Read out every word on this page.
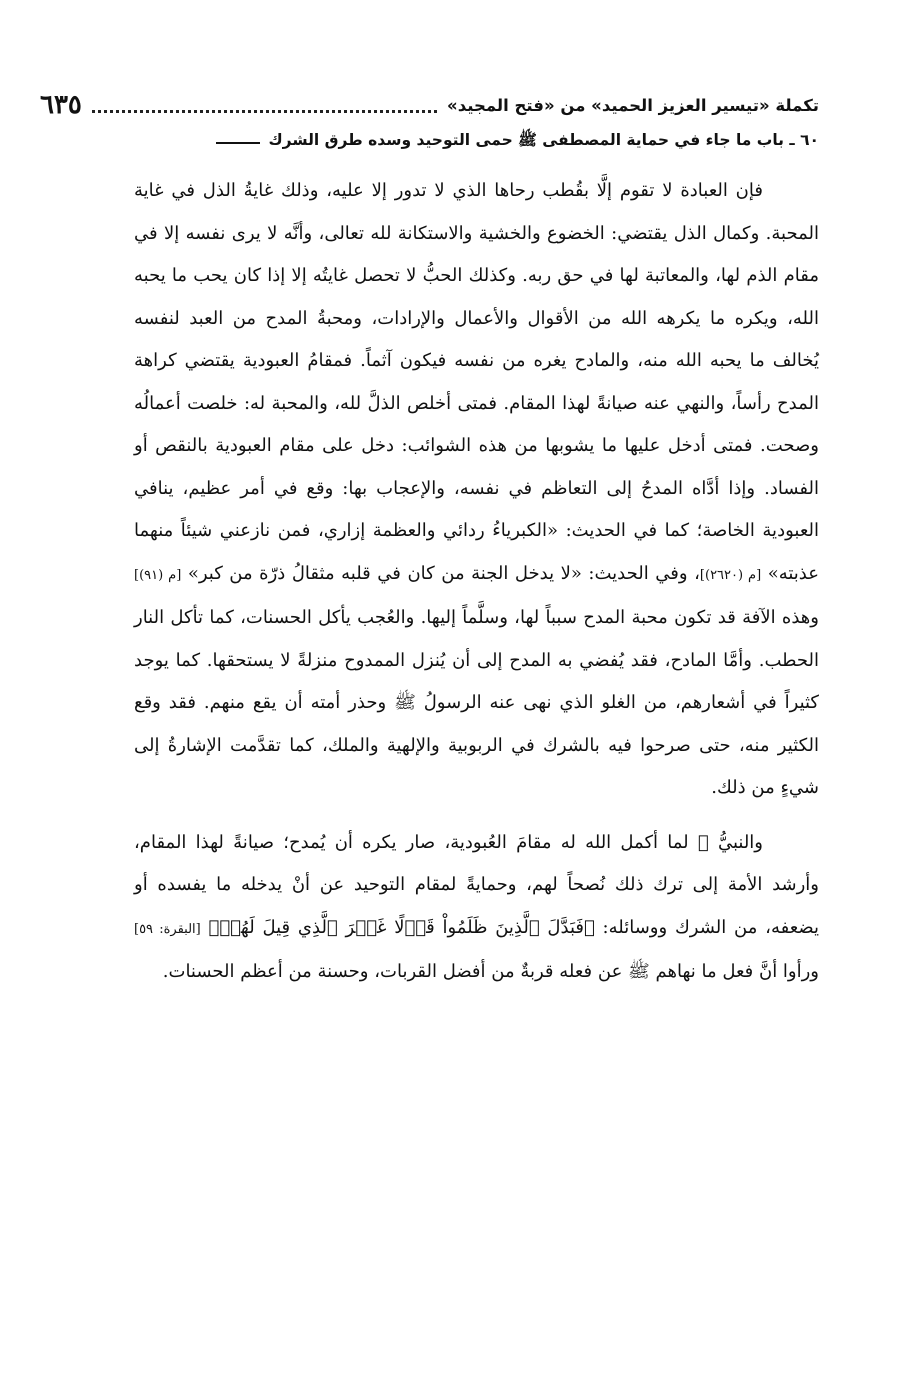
تكملة «تيسير العزيز الحميد» من «فتح المجيد»
٦٣٥
٦٠ ـ باب ما جاء في حماية المصطفى ﷺ حمى التوحيد وسده طرق الشرك

فإن العبادة لا تقوم إلَّا بقُطب رحاها الذي لا تدور إلا عليه، وذلك غايةُ الذل في غاية المحبة. وكمال الذل يقتضي: الخضوع والخشية والاستكانة لله تعالى، وأنَّه لا يرى نفسه إلا في مقام الذم لها، والمعاتبة لها في حق ربه. وكذلك الحبُّ لا تحصل غايتُه إلا إذا كان يحب ما يحبه الله، ويكره ما يكرهه الله من الأقوال والأعمال والإرادات، ومحبةُ المدح من العبد لنفسه يُخالف ما يحبه الله منه، والمادح يغره من نفسه فيكون آثماً. فمقامُ العبودية يقتضي كراهة المدح رأساً، والنهي عنه صيانةً لهذا المقام. فمتى أخلص الذلَّ لله، والمحبة له: خلصت أعمالُه وصحت. فمتى أدخل عليها ما يشوبها من هذه الشوائب: دخل على مقام العبودية بالنقص أو الفساد. وإذا أدَّاه المدحُ إلى التعاظم في نفسه، والإعجاب بها: وقع في أمر عظيم، ينافي العبودية الخاصة؛ كما في الحديث: «الكبرياءُ ردائي والعظمة إزاري، فمن نازعني شيئاً منهما عذبته» [م (٢٦٢٠)]، وفي الحديث: «لا يدخل الجنة من كان في قلبه مثقالُ ذرّة من كبر» [م (٩١)] وهذه الآفة قد تكون محبة المدح سبباً لها، وسلَّماً إليها. والعُجب يأكل الحسنات، كما تأكل النار الحطب. وأمَّا المادح، فقد يُفضي به المدح إلى أن يُنزل الممدوح منزلةً لا يستحقها. كما يوجد كثيراً في أشعارهم، من الغلو الذي نهى عنه الرسولُ ﷺ وحذر أمته أن يقع منهم. فقد وقع الكثير منه، حتى صرحوا فيه بالشرك في الربوبية والإلهية والملك، كما تقدَّمت الإشارةُ إلى شيءٍ من ذلك.

والنبيُّ ﷺ لما أكمل الله له مقامَ العُبودية، صار يكره أن يُمدح؛ صيانةً لهذا المقام، وأرشد الأمة إلى ترك ذلك نُصحاً لهم، وحمايةً لمقام التوحيد عن أنْ يدخله ما يفسده أو يضعفه، من الشرك ووسائله: ﴿فَبَدَّلَ ٱلَّذِينَ ظَلَمُواْ قَوۡلًا غَيۡرَ ٱلَّذِي قِيلَ لَهُمۡ﴾ [البقرة: ٥٩] ورأوا أنَّ فعل ما نهاهم ﷺ عن فعله قربةٌ من أفضل القربات، وحسنة من أعظم الحسنات.
